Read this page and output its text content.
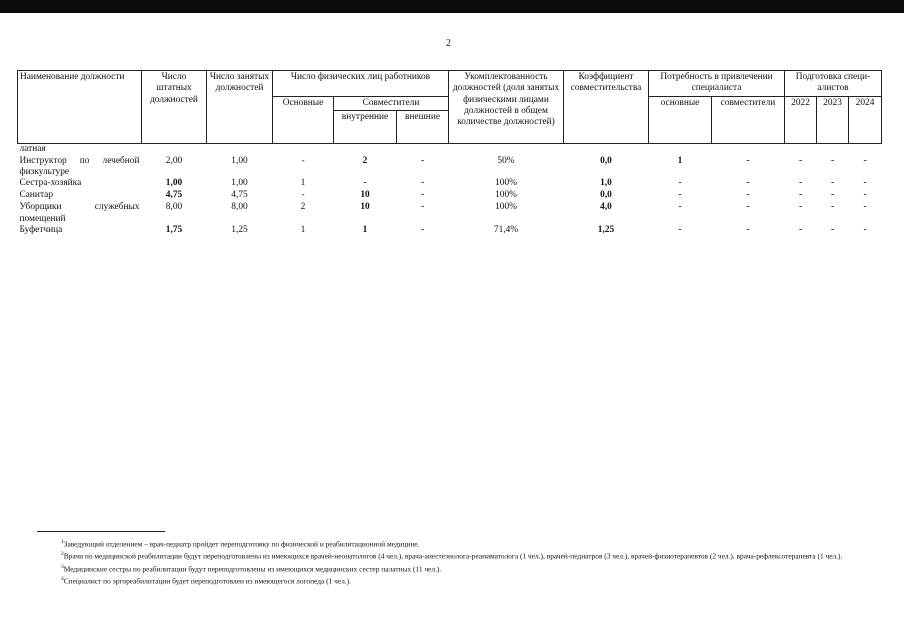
2
Наименование должности	Число штатных должностей	Число занятых должностей	Число физических лиц работников			Укомплектованность должностей (доля занятых физическими лицами должностей в общем количестве должностей)	Коэффициент совместительства	Потребность в привлечении специалиста		Подготовка специ-алистов		
			Основные	Совместители				основные	совместители	2022	2023	2024
				внутренние	внешние							
латная												

Инструктор по лечебной
физкультуре	2,00	1,00	-	2	-	50%	0,0	1	-	-	-	-

Сестра-хозяйка	1,00	1,00	1	-	-	100%	1,0	-	-	-	-	-

Санитар	4,75	4,75	-	10	-	100%	0,0	-	-	-	-	-

Уборщики служебных
помещений	8,00	8,00	2	10	-	100%	4,0	-	-	-	-	-

Буфетчица	1,75	1,25	1	1	-	71,4%	1,25	-	-	-	-	-

$^1$Заведующий отделением – врач-педиатр пройдет переподготовку по физической и реабилитационной медицине.

$^2$Врачи по медицинской реабилитации будут переподготовлены из имеющихся врачей-неонатологов (4 чел.), врача-анестезиолога-реаниматолога (1 чел.), врачей-педиатров (3 чел.), врачей-физиотерапевтов (2 чел.), врача-рефлексотерапевта (1 чел.).

$^3$Медицинские сестры по реабилитации будут переподготовлены из имеющихся медицинских сестер палатных (11 чел.).

$^4$Специалист по эргореабилитации будет переподготовлен из имеющегося логопеда (1 чел.).
